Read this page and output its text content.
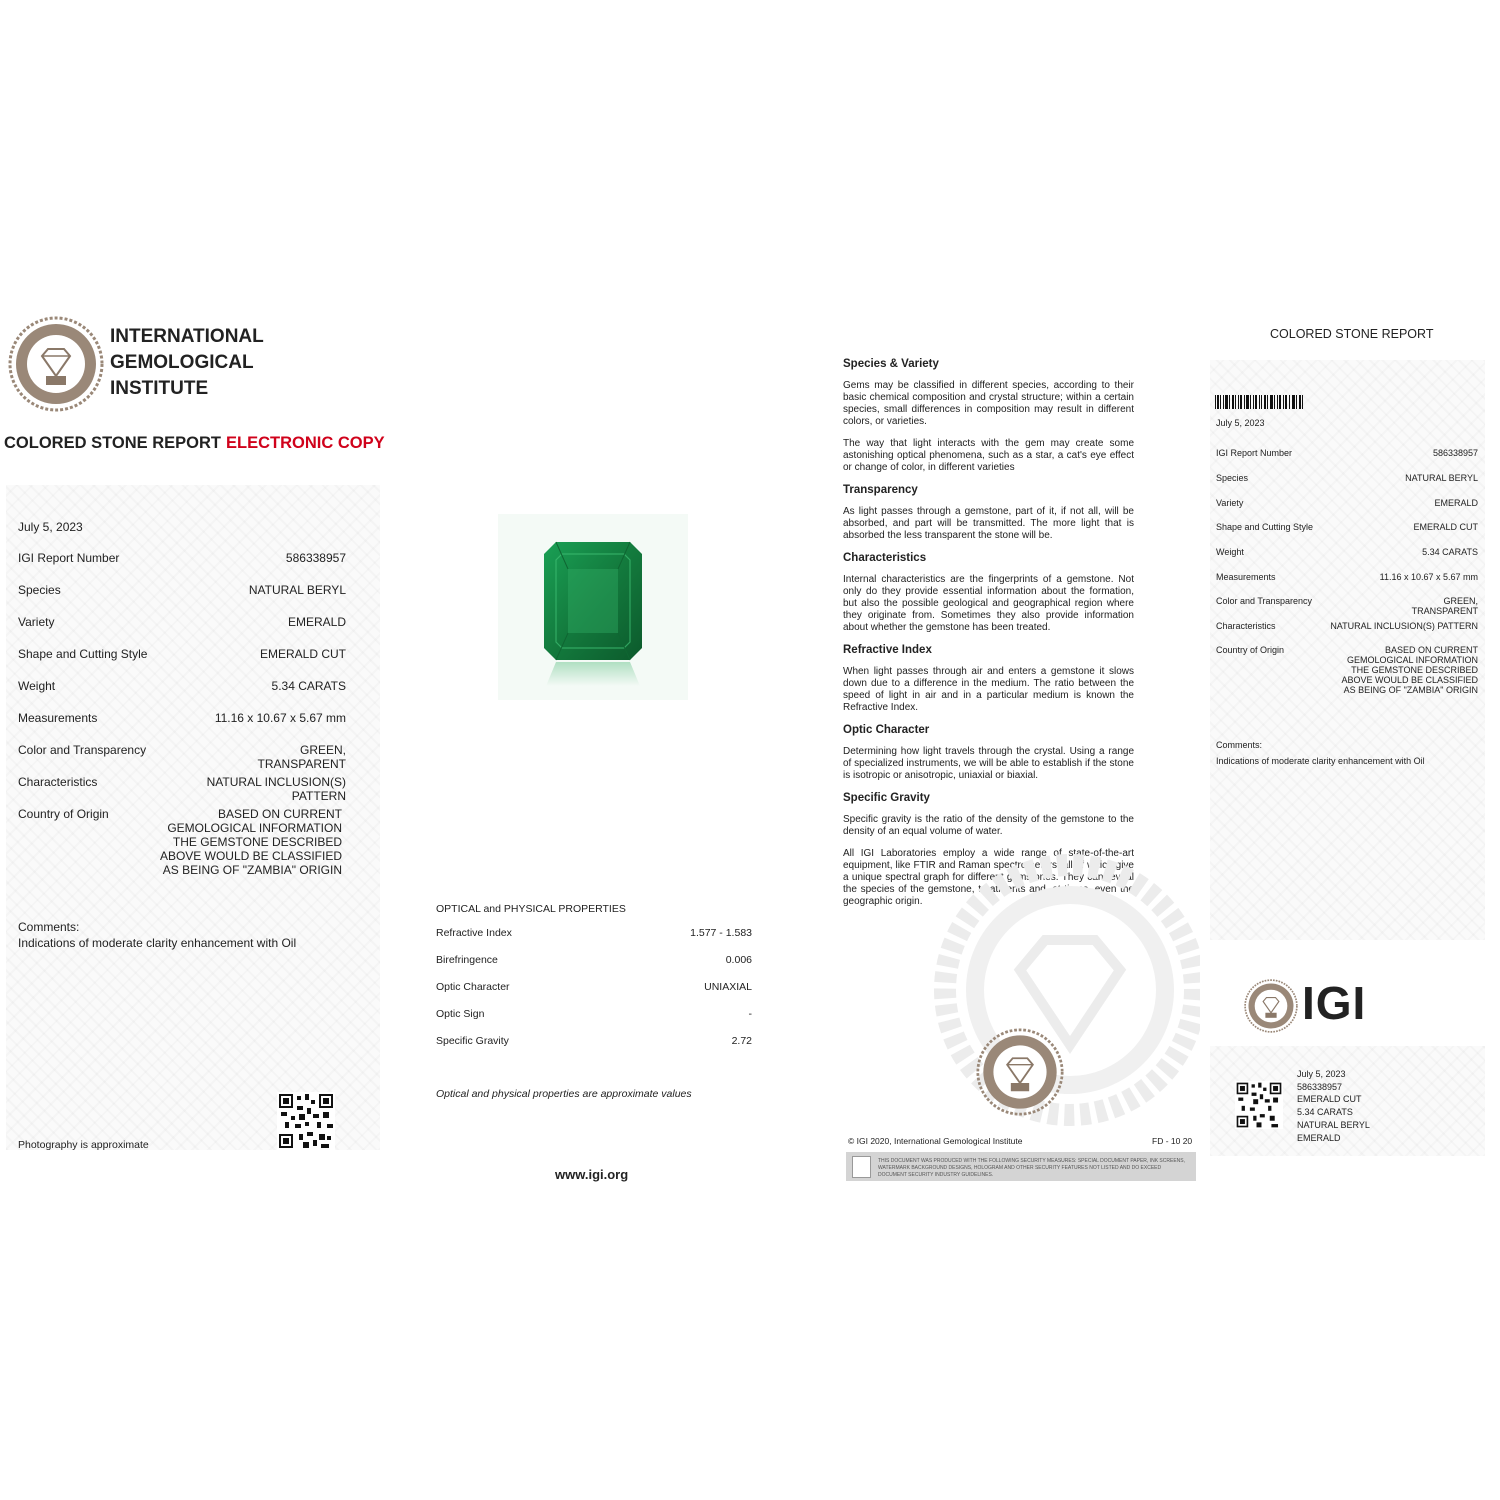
INTERNATIONAL
GEMOLOGICAL
INSTITUTE
COLORED STONE REPORT ELECTRONIC COPY
July 5, 2023
IGI Report Number	586338957
Species	NATURAL BERYL
Variety	EMERALD
Shape and Cutting Style	EMERALD CUT
Weight	5.34 CARATS
Measurements	11.16 x 10.67 x 5.67 mm
Color and Transparency	GREEN,
TRANSPARENT
Characteristics	NATURAL INCLUSION(S)
PATTERN
Country of Origin	BASED ON CURRENT
GEMOLOGICAL INFORMATION
THE GEMSTONE DESCRIBED
ABOVE WOULD BE CLASSIFIED
AS BEING OF "ZAMBIA" ORIGIN
Comments:
Indications of moderate clarity enhancement with Oil
Photography is approximate
OPTICAL and PHYSICAL PROPERTIES
Refractive Index	1.577 - 1.583
Birefringence	0.006
Optic Character	UNIAXIAL
Optic Sign	-
Specific Gravity	2.72
Optical and physical properties are approximate values
www.igi.org
Species & Variety

Gems may be classified in different species, according to their basic chemical composition and crystal structure; within a certain species, small differences in composition may result in different colors, or varieties.

The way that light interacts with the gem may create some astonishing optical phenomena, such as a star, a cat's eye effect or change of color, in different varieties

Transparency

As light passes through a gemstone, part of it, if not all, will be absorbed, and part will be transmitted. The more light that is absorbed the less transparent the stone will be.

Characteristics

Internal characteristics are the fingerprints of a gemstone. Not only do they provide essential information about the formation, but also the possible geological and geographical region where they originate from. Sometimes they also provide information about whether the gemstone has been treated.

Refractive Index

When light passes through air and enters a gemstone it slows down due to a difference in the medium. The ratio between the speed of light in air and in a particular medium is known the Refractive Index.

Optic Character

Determining how light travels through the crystal. Using a range of specialized instruments, we will be able to establish if the stone is isotropic or anisotropic, uniaxial or biaxial.

Specific Gravity

Specific gravity is the ratio of the density of the gemstone to the density of an equal volume of water.

All IGI Laboratories employ a wide range of state-of-the-art equipment, like FTIR and Raman spectrometers, all of which give a unique spectral graph for different gemstones. They can reveal the species of the gemstone, treatments and, at times, even the geographic origin.

© IGI 2020, International Gemological Institute	FD - 10 20
THIS DOCUMENT WAS PRODUCED WITH THE FOLLOWING SECURITY MEASURES: SPECIAL DOCUMENT PAPER, INK SCREENS, WATERMARK BACKGROUND DESIGNS, HOLOGRAM AND OTHER SECURITY FEATURES NOT LISTED AND DO EXCEED DOCUMENT SECURITY INDUSTRY GUIDELINES.
COLORED STONE REPORT
July 5, 2023
IGI Report Number	586338957
Species	NATURAL BERYL
Variety	EMERALD
Shape and Cutting Style	EMERALD CUT
Weight	5.34 CARATS
Measurements	11.16 x 10.67 x 5.67 mm
Color and Transparency	GREEN,
TRANSPARENT
Characteristics	NATURAL INCLUSION(S) PATTERN
Country of Origin	BASED ON CURRENT
GEMOLOGICAL INFORMATION
THE GEMSTONE DESCRIBED
ABOVE WOULD BE CLASSIFIED
AS BEING OF "ZAMBIA" ORIGIN
Comments:
Indications of moderate clarity enhancement with Oil
IGI
July 5, 2023
586338957
EMERALD CUT
5.34 CARATS
NATURAL BERYL
EMERALD
